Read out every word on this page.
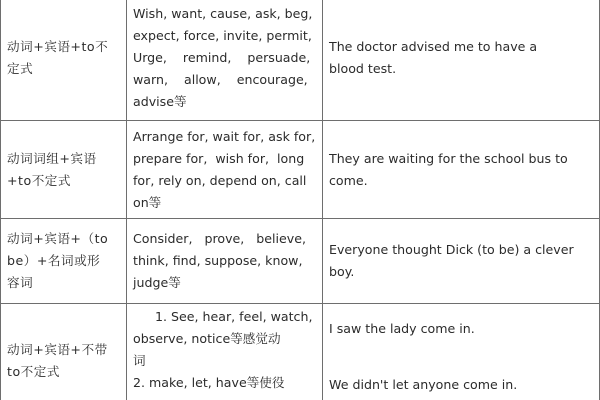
动词+宾语+to不
定式	Wish, want, cause, ask, beg,
expect, force, invite, permit,
Urge,    remind,    persuade,
warn,    allow,    encourage,
advise等	The doctor advised me to have a
blood test.

动词词组+宾语
+to不定式	Arrange for, wait for, ask for,
prepare for,  wish for,  long
for, rely on, depend on, call
on等	They are waiting for the school bus to
come.

动词+宾语+（to
be）+名词或形
容词	Consider,   prove,   believe,
think, find, suppose, know,
judge等	Everyone thought Dick (to be) a clever
boy.

动词+宾语+不带
to不定式	1. See, hear, feel, watch,
observe, notice等感觉动
词
2. make, let, have等使役	I saw the lady come in.
We didn't let anyone come in.
